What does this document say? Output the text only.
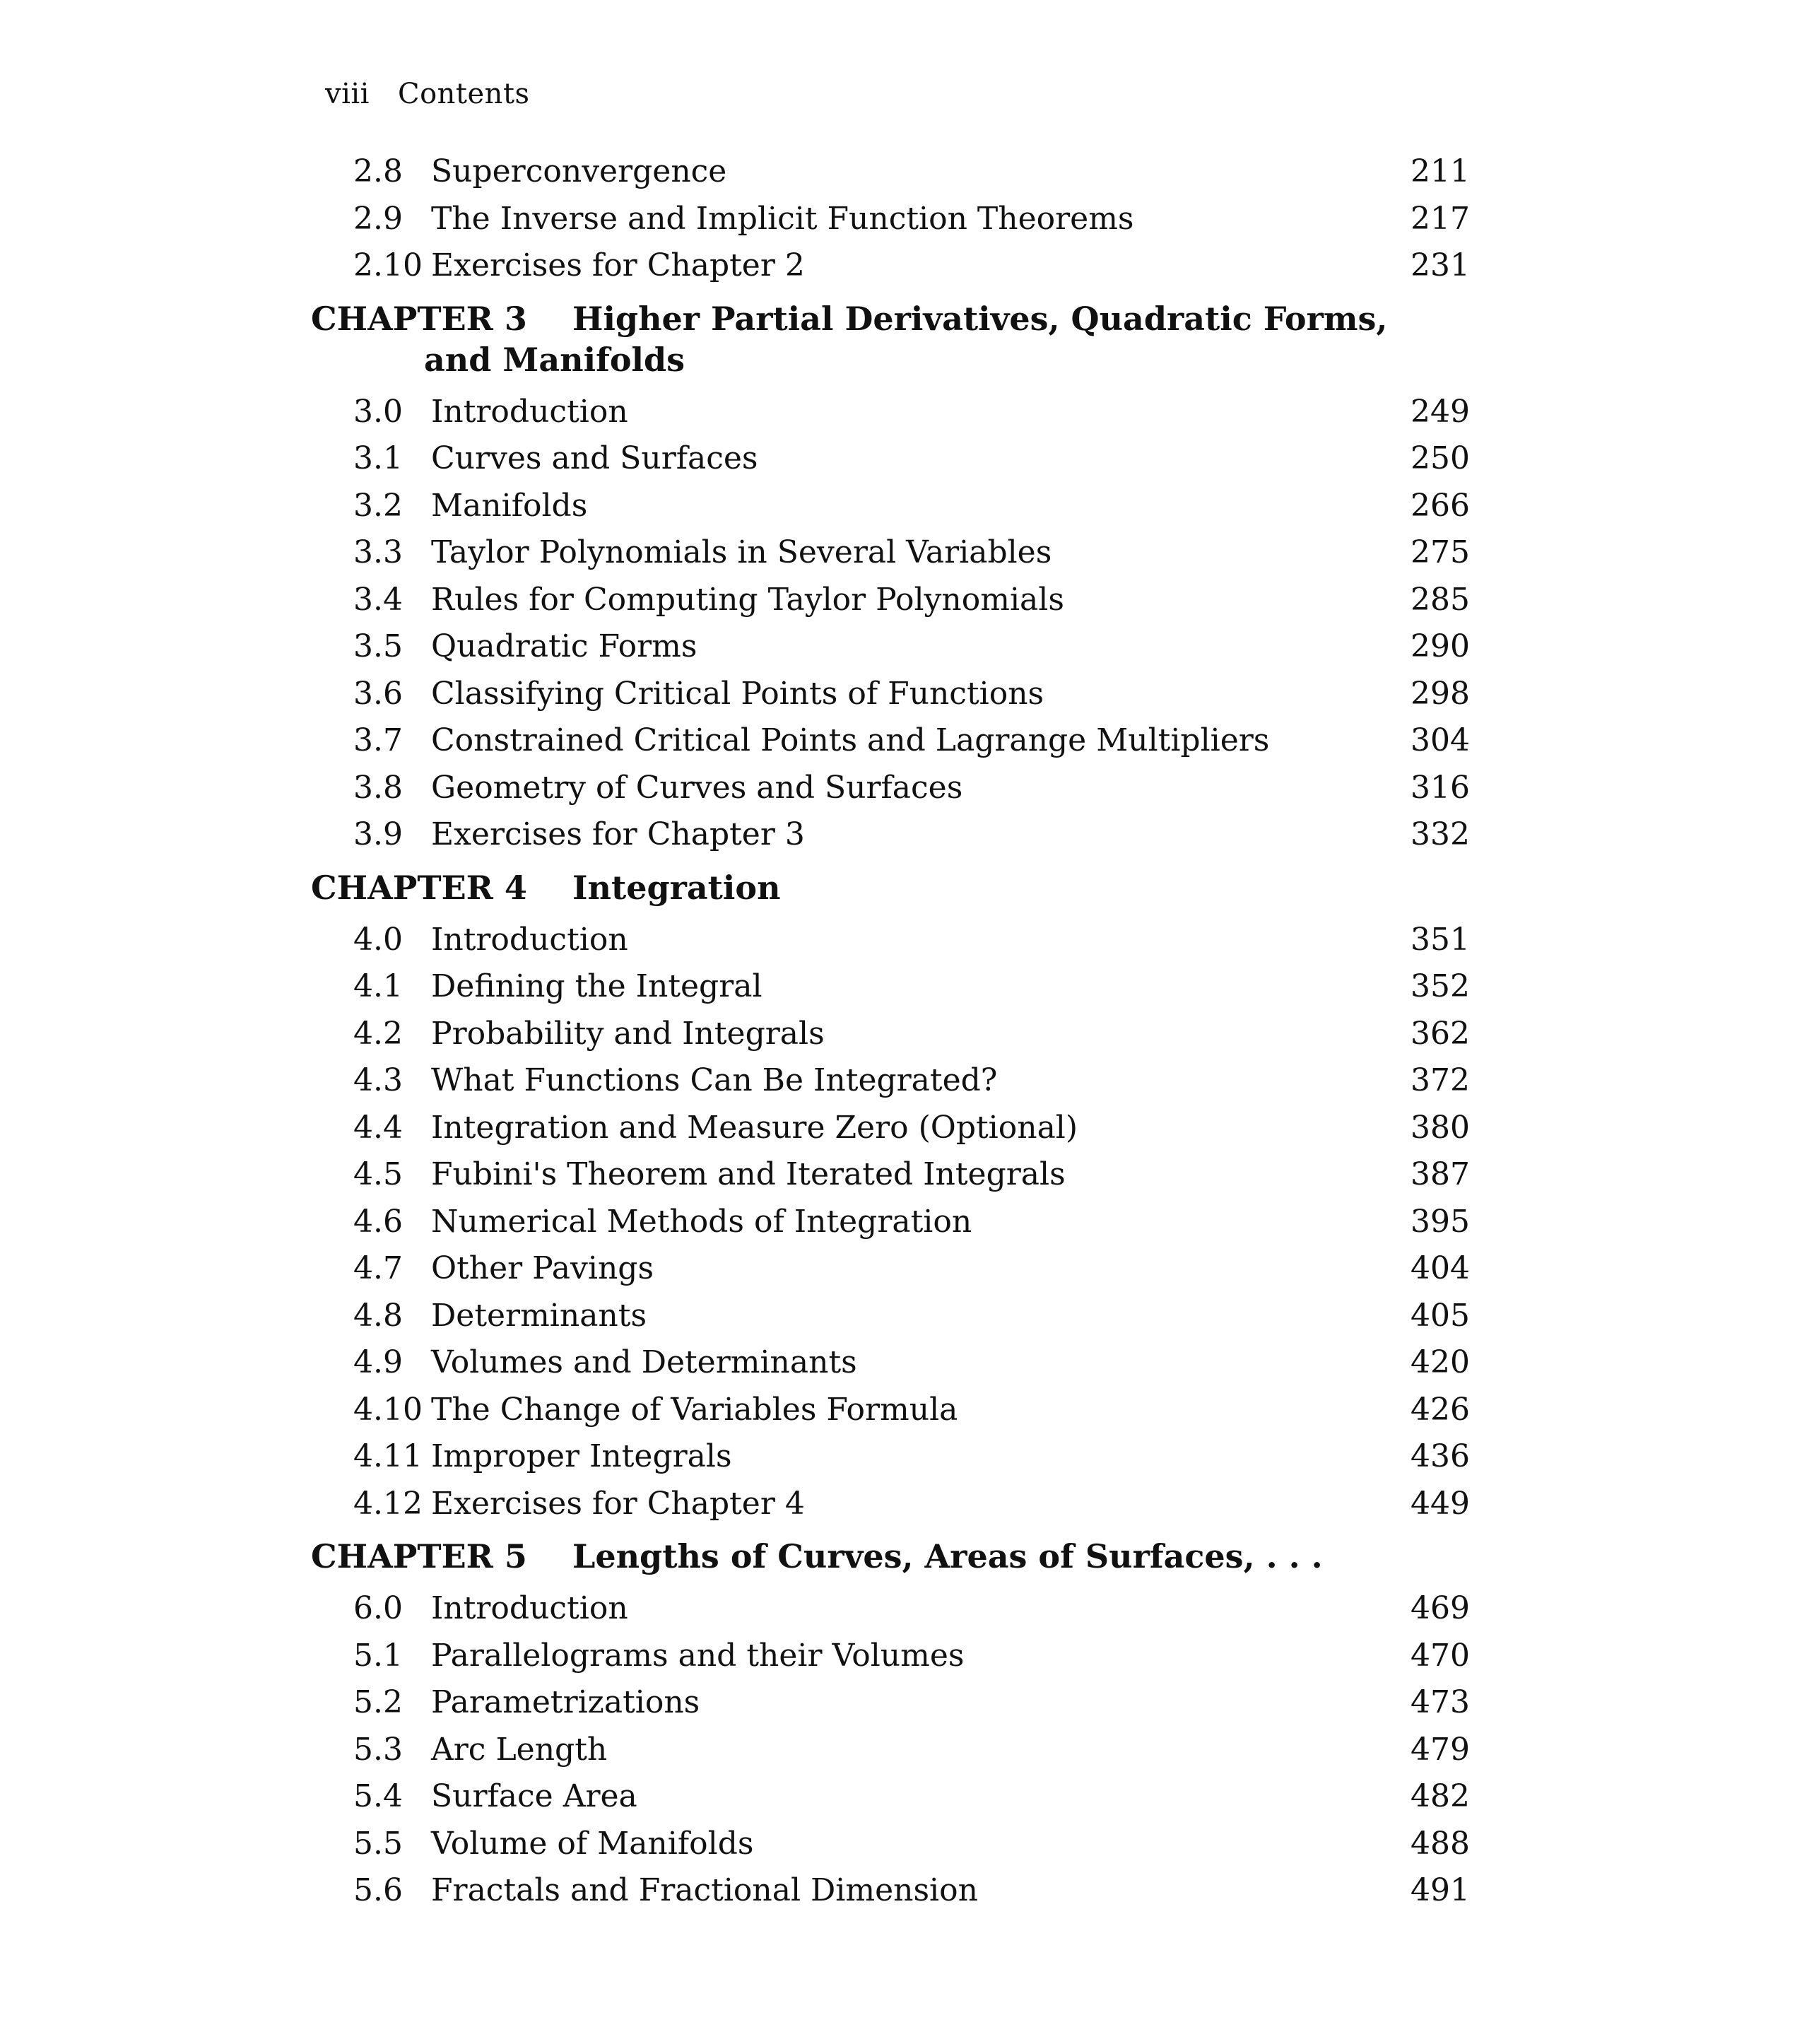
viii Contents
2.8 Superconvergence	211
2.9 The Inverse and Implicit Function Theorems	217
2.10 Exercises for Chapter 2	231
CHAPTER 3 Higher Partial Derivatives, Quadratic Forms,
and Manifolds
3.0 Introduction	249
3.1 Curves and Surfaces	250
3.2 Manifolds	266
3.3 Taylor Polynomials in Several Variables	275
3.4 Rules for Computing Taylor Polynomials	285
3.5 Quadratic Forms	290
3.6 Classifying Critical Points of Functions	298
3.7 Constrained Critical Points and Lagrange Multipliers	304
3.8 Geometry of Curves and Surfaces	316
3.9 Exercises for Chapter 3	332
CHAPTER 4 Integration
4.0 Introduction	351
4.1 Defining the Integral	352
4.2 Probability and Integrals	362
4.3 What Functions Can Be Integrated?	372
4.4 Integration and Measure Zero (Optional)	380
4.5 Fubini's Theorem and Iterated Integrals	387
4.6 Numerical Methods of Integration	395
4.7 Other Pavings	404
4.8 Determinants	405
4.9 Volumes and Determinants	420
4.10 The Change of Variables Formula	426
4.11 Improper Integrals	436
4.12 Exercises for Chapter 4	449
CHAPTER 5 Lengths of Curves, Areas of Surfaces, . . .
6.0 Introduction	469
5.1 Parallelograms and their Volumes	470
5.2 Parametrizations	473
5.3 Arc Length	479
5.4 Surface Area	482
5.5 Volume of Manifolds	488
5.6 Fractals and Fractional Dimension	491
